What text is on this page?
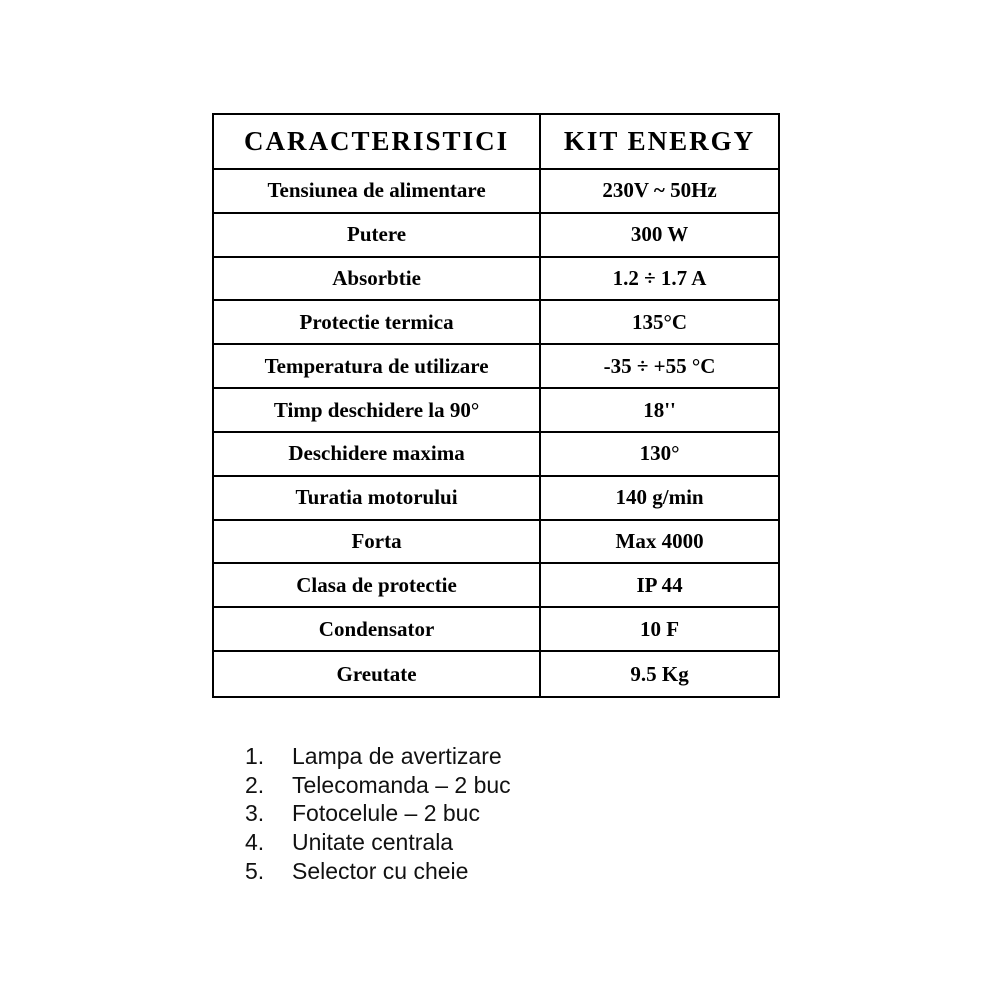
CARACTERISTICI	KIT ENERGY
Tensiunea de alimentare	230V ~ 50Hz
Putere	300 W
Absorbtie	1.2 ÷ 1.7 A
Protectie termica	135°C
Temperatura de utilizare	-35 ÷ +55 °C
Timp deschidere la 90°	18''
Deschidere maxima	130°
Turatia motorului	140 g/min
Forta	Max 4000
Clasa de protectie	IP 44
Condensator	10 F
Greutate	9.5 Kg
1.	Lampa de avertizare
2.	Telecomanda – 2 buc
3.	Fotocelule – 2 buc
4.	Unitate centrala
5.	Selector cu cheie
